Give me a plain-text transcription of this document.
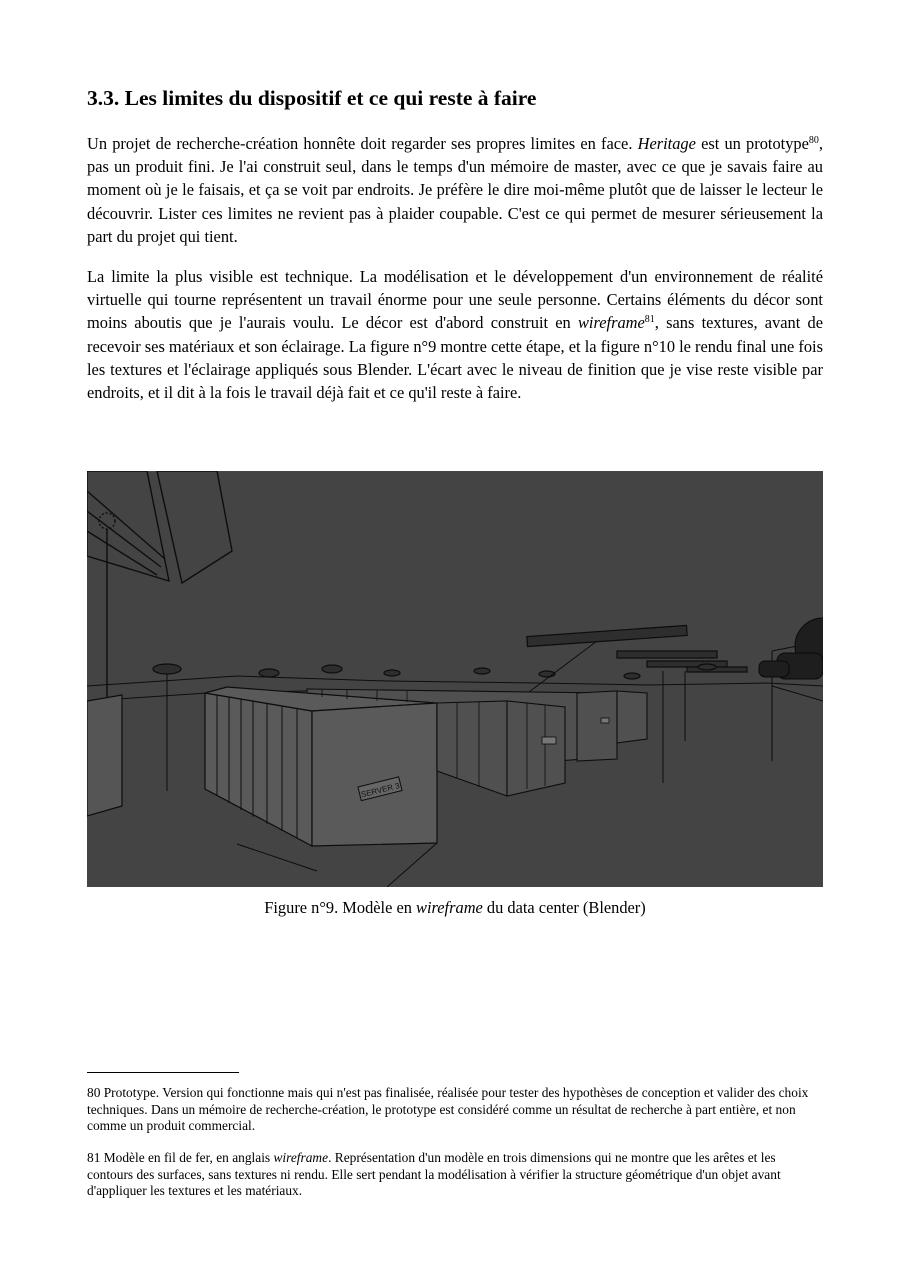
3.3. Les limites du dispositif et ce qui reste à faire

Un projet de recherche-création honnête doit regarder ses propres limites en face. Heritage est un prototype$^{80}$, pas un produit fini. Je l'ai construit seul, dans le temps d'un mémoire de master, avec ce que je savais faire au moment où je le faisais, et ça se voit par endroits. Je préfère le dire moi-même plutôt que de laisser le lecteur le découvrir. Lister ces limites ne revient pas à plaider coupable. C'est ce qui permet de mesurer sérieusement la part du projet qui tient.

La limite la plus visible est technique. La modélisation et le développement d'un environnement de réalité virtuelle qui tourne représentent un travail énorme pour une seule personne. Certains éléments du décor sont moins aboutis que je l'aurais voulu. Le décor est d'abord construit en wireframe$^{81}$, sans textures, avant de recevoir ses matériaux et son éclairage. La figure n°9 montre cette étape, et la figure n°10 le rendu final une fois les textures et l'éclairage appliqués sous Blender. L'écart avec le niveau de finition que je vise reste visible par endroits, et il dit à la fois le travail déjà fait et ce qu'il reste à faire.

SERVER 3

Figure n°9. Modèle en wireframe du data center (Blender)

80 Prototype. Version qui fonctionne mais qui n'est pas finalisée, réalisée pour tester des hypothèses de conception et valider des choix techniques. Dans un mémoire de recherche-création, le prototype est considéré comme un résultat de recherche à part entière, et non comme un produit commercial.

81 Modèle en fil de fer, en anglais wireframe. Représentation d'un modèle en trois dimensions qui ne montre que les arêtes et les contours des surfaces, sans textures ni rendu. Elle sert pendant la modélisation à vérifier la structure géométrique d'un objet avant d'appliquer les textures et les matériaux.
